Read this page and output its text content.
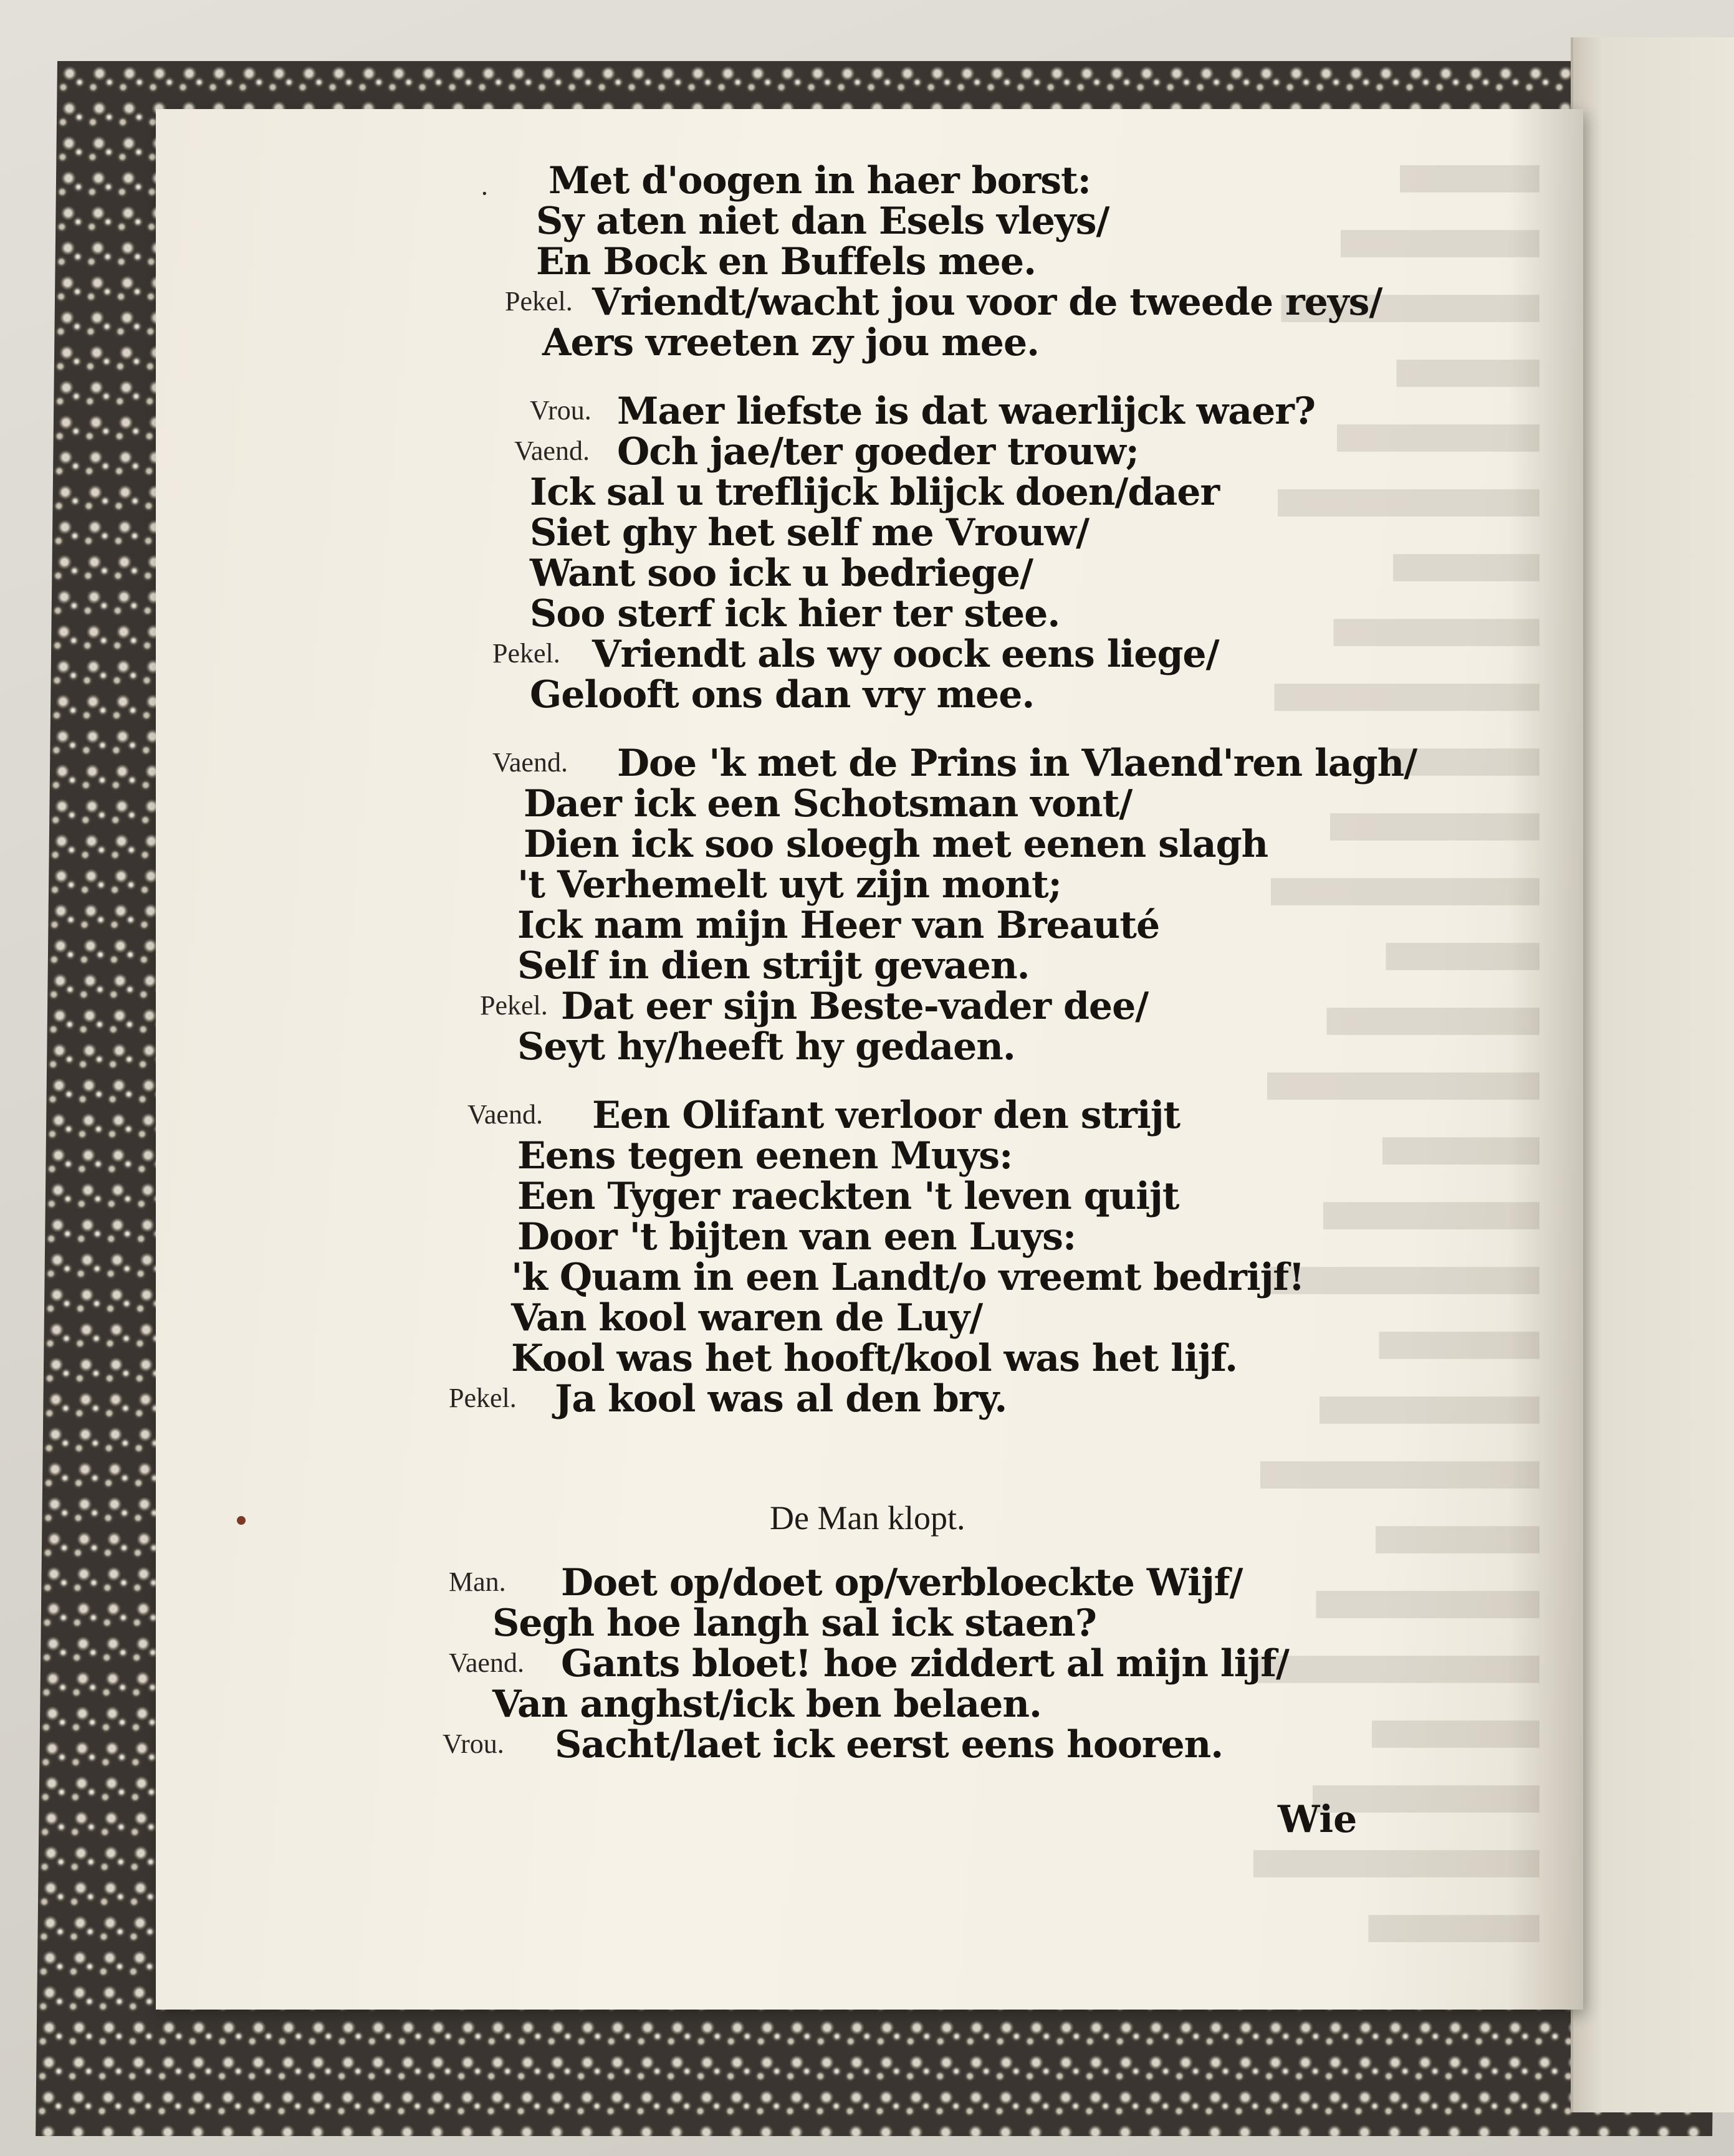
· Met d'oogen in haer borst:
Sy aten niet dan Esels vleys/
En Bock en Buffels mee.
Pekel. Vriendt/wacht jou voor de tweede reys/
Aers vreeten zy jou mee.
Vrou. Maer liefste is dat waerlijck waer?
Vaend. Och jae/ter goeder trouw;
Ick sal u treflijck blijck doen/daer
Siet ghy het self me Vrouw/
Want soo ick u bedriege/
Soo sterf ick hier ter stee.
Pekel. Vriendt als wy oock eens liege/
Gelooft ons dan vry mee.
Vaend. Doe 'k met de Prins in Vlaend'ren lagh/
Daer ick een Schotsman vont/
Dien ick soo sloegh met eenen slagh
't Verhemelt uyt zijn mont;
Ick nam mijn Heer van Breauté
Self in dien strijt gevaen.
Pekel. Dat eer sijn Beste-vader dee/
Seyt hy/heeft hy gedaen.
Vaend. Een Olifant verloor den strijt
Eens tegen eenen Muys:
Een Tyger raeckten 't leven quijt
Door 't bijten van een Luys:
'k Quam in een Landt/o vreemt bedrijf!
Van kool waren de Luy/
Kool was het hooft/kool was het lijf.
Pekel. Ja kool was al den bry.
Man. Doet op/doet op/verbloeckte Wijf/
Segh hoe langh sal ick staen?
Vaend. Gants bloet! hoe ziddert al mijn lijf/
Van anghst/ick ben belaen.
Vrou. Sacht/laet ick eerst eens hooren.
De Man klopt.
Wie
